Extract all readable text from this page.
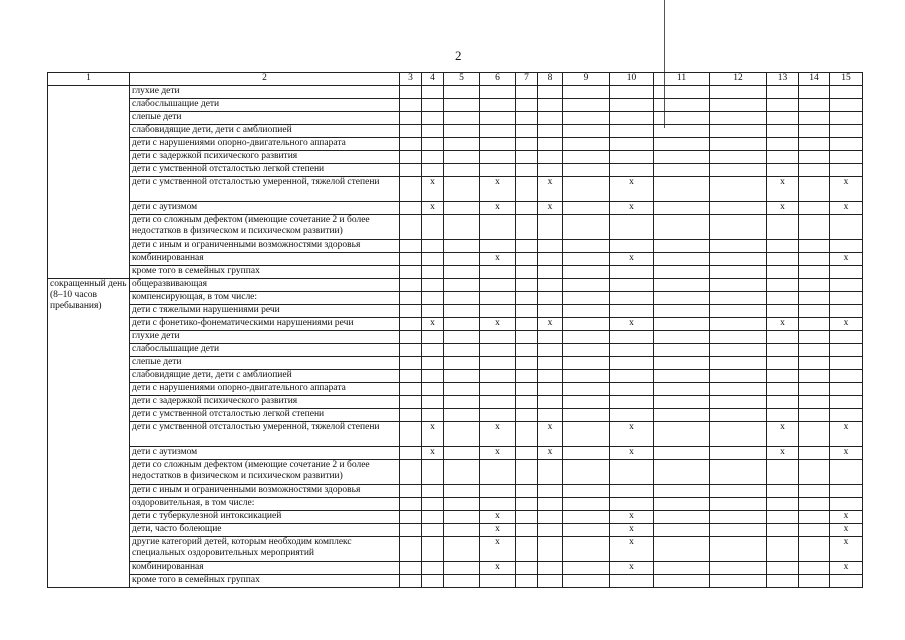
2
1	2	3	4	5	6	7	8	9	10	11	12	13	14	15
	глухие дети													
	слабослышащие дети													
	слепые дети													
	слабовидящие дети, дети с амблиопией													
	дети с нарушениями опорно-двигательного аппарата													
	дети с задержкой психического развития													
	дети с умственной отсталостью легкой степени													
	дети с умственной отсталостью умеренной, тяжелой степени		х		х		х		х			х		х
	дети с аутизмом		х		х		х		х			х		х
	дети со сложным дефектом (имеющие сочетание 2 и более недостатков в физическом и психическом развитии)													
	дети с иным и ограниченными возможностями здоровья													
	комбинированная				х				х					х
	кроме того в семейных группах													
сокращенный день (8–10 часов пребывания)	общеразвивающая													
	компенсирующая, в том числе:													
	дети с тяжелыми нарушениями речи													
	дети с фонетико-фонематическими нарушениями речи		х		х		х		х			х		х
	глухие дети													
	слабослышащие дети													
	слепые дети													
	слабовидящие дети, дети с амблиопией													
	дети с нарушениями опорно-двигательного аппарата													
	дети с задержкой психического развития													
	дети с умственной отсталостью легкой степени													
	дети с умственной отсталостью умеренной, тяжелой степени		х		х		х		х			х		х
	дети с аутизмом		х		х		х		х			х		х
	дети со сложным дефектом (имеющие сочетание 2 и более недостатков в физическом и психическом развитии)													
	дети с иным и ограниченными возможностями здоровья													
	оздоровительная, в том числе:													
	дети с туберкулезной интоксикацией				х				х					х
	дети, часто болеющие				х				х					х
	другие категорий детей, которым необходим комплекс специальных оздоровительных мероприятий				х				х					х
	комбинированная				х				х					х
	кроме того в семейных группах													
